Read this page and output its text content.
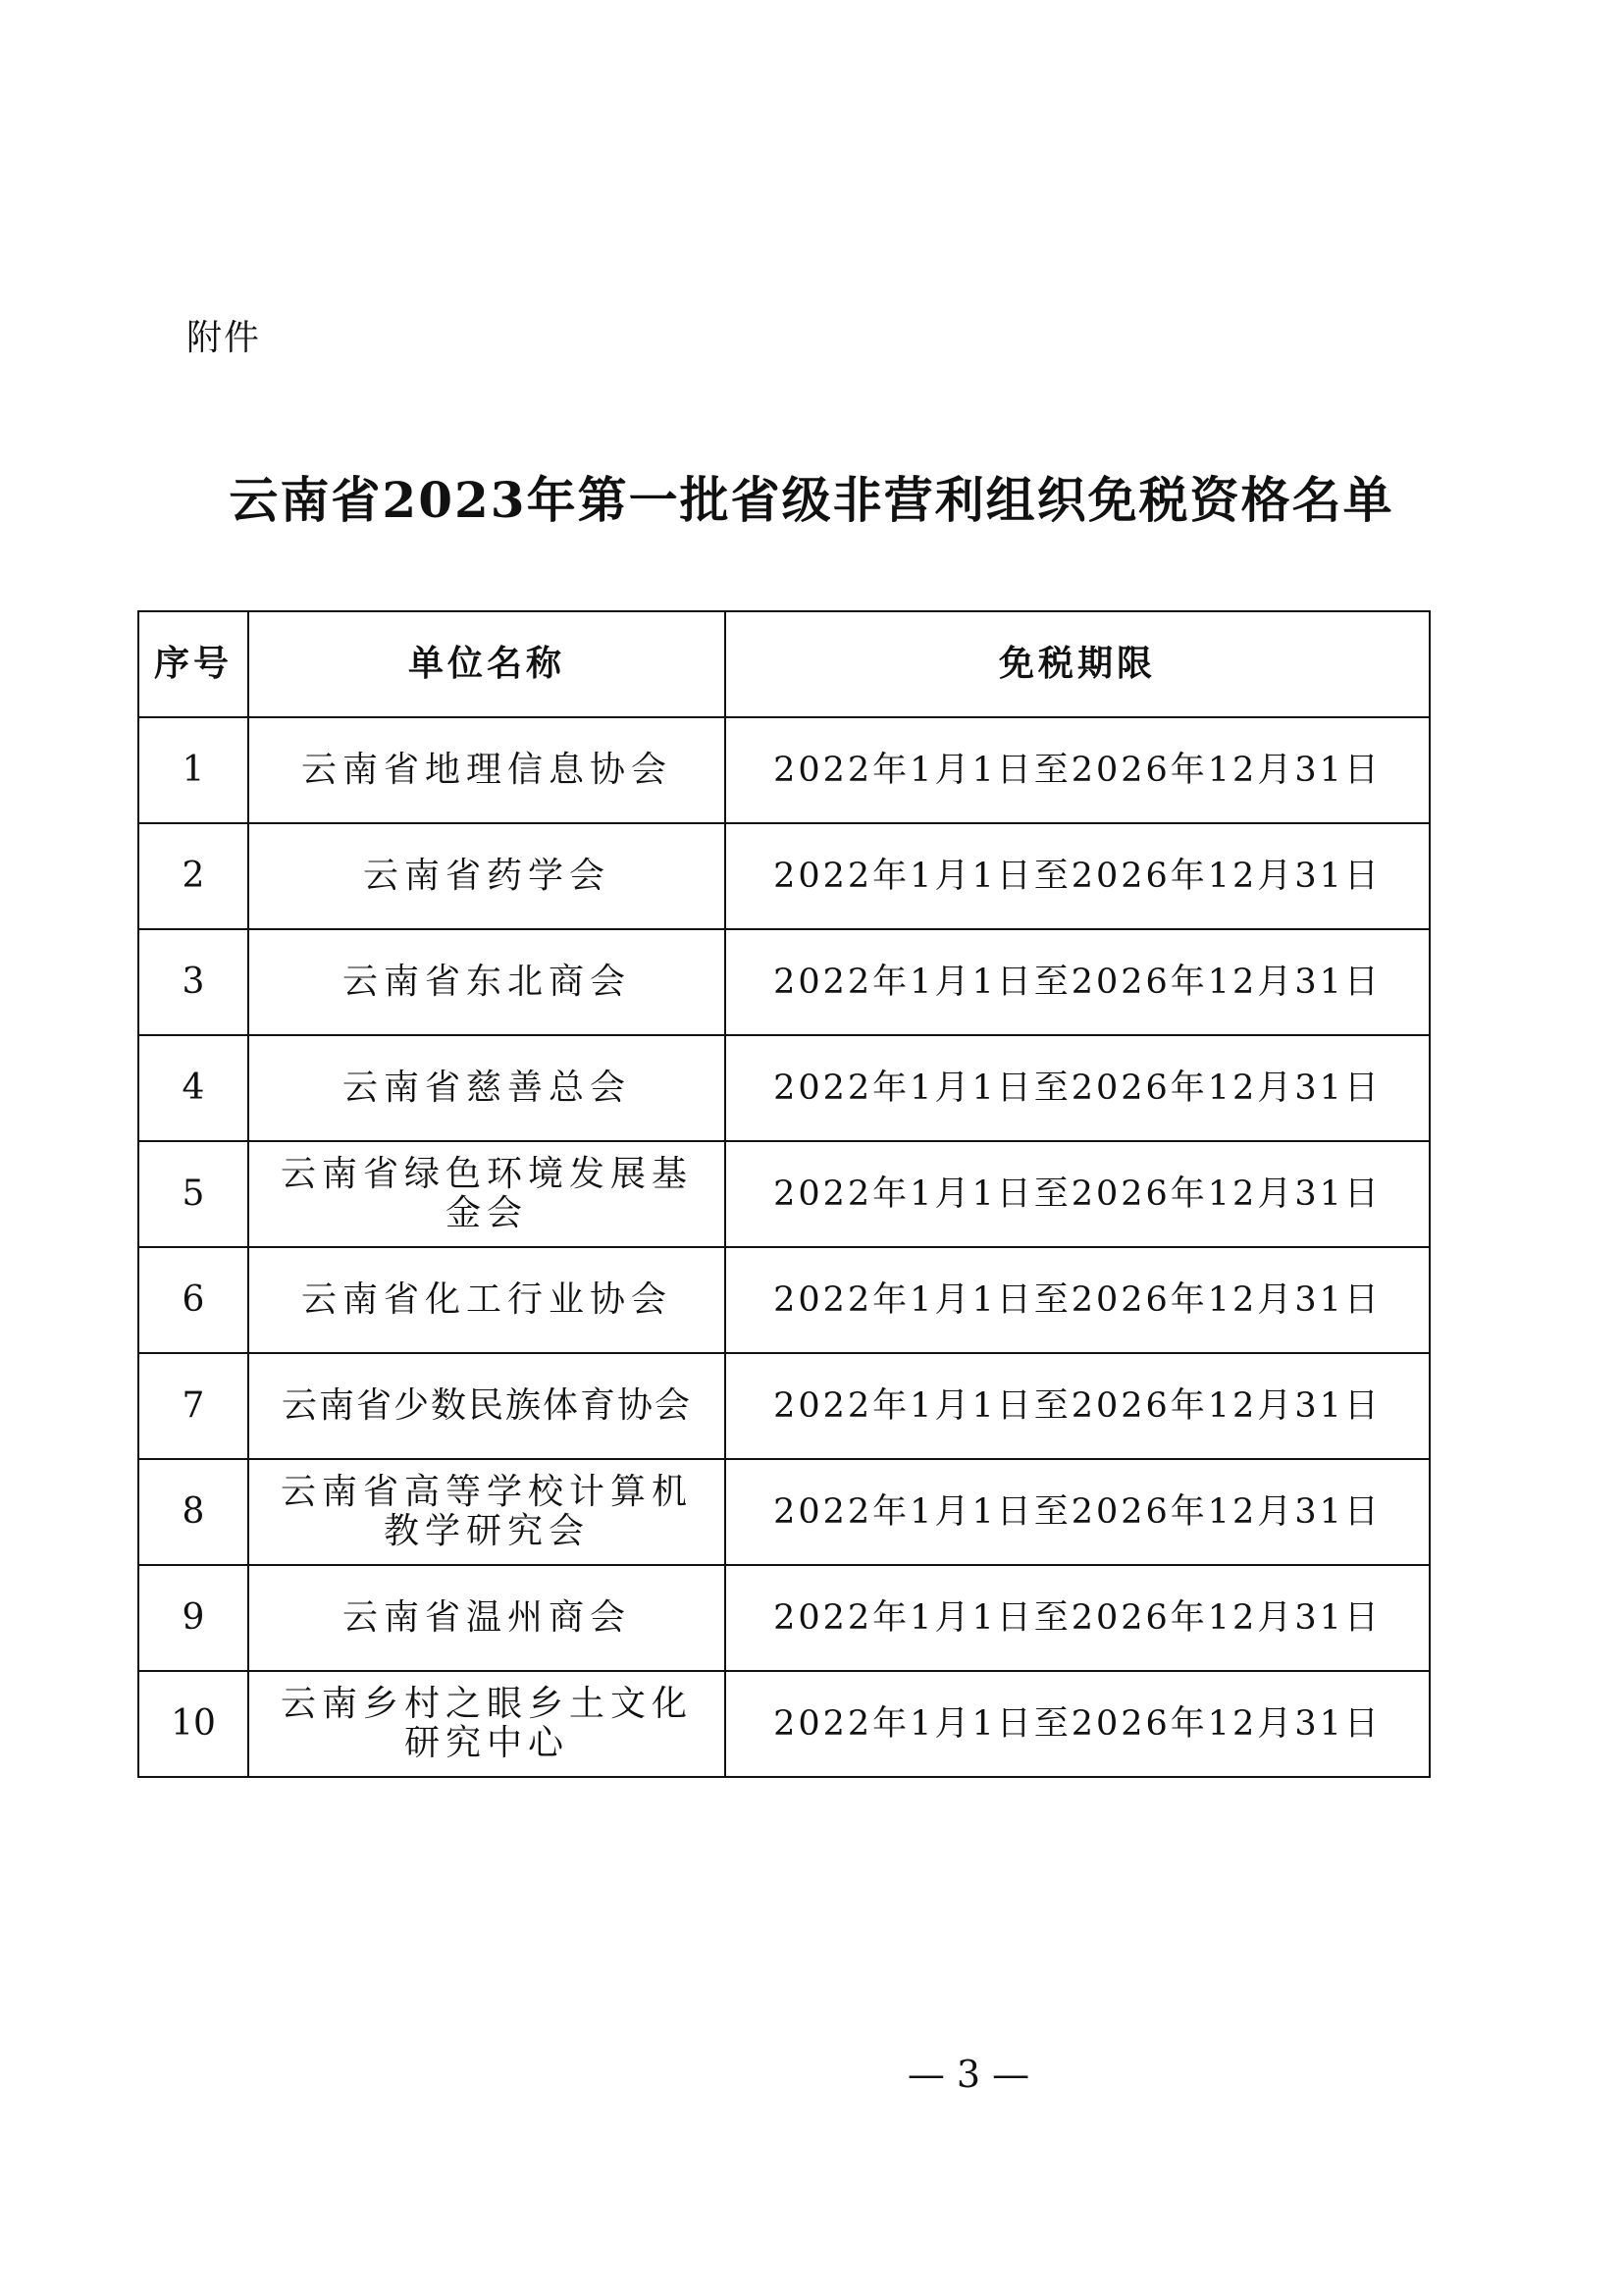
附件
云南省2023年第一批省级非营利组织免税资格名单
序号	单位名称	免税期限
1	云南省地理信息协会	2022年1月1日至2026年12月31日
2	云南省药学会	2022年1月1日至2026年12月31日
3	云南省东北商会	2022年1月1日至2026年12月31日
4	云南省慈善总会	2022年1月1日至2026年12月31日
5	云南省绿色环境发展基金会	2022年1月1日至2026年12月31日
6	云南省化工行业协会	2022年1月1日至2026年12月31日
7	云南省少数民族体育协会	2022年1月1日至2026年12月31日
8	云南省高等学校计算机教学研究会	2022年1月1日至2026年12月31日
9	云南省温州商会	2022年1月1日至2026年12月31日
10	云南乡村之眼乡土文化研究中心	2022年1月1日至2026年12月31日
— 3 —
